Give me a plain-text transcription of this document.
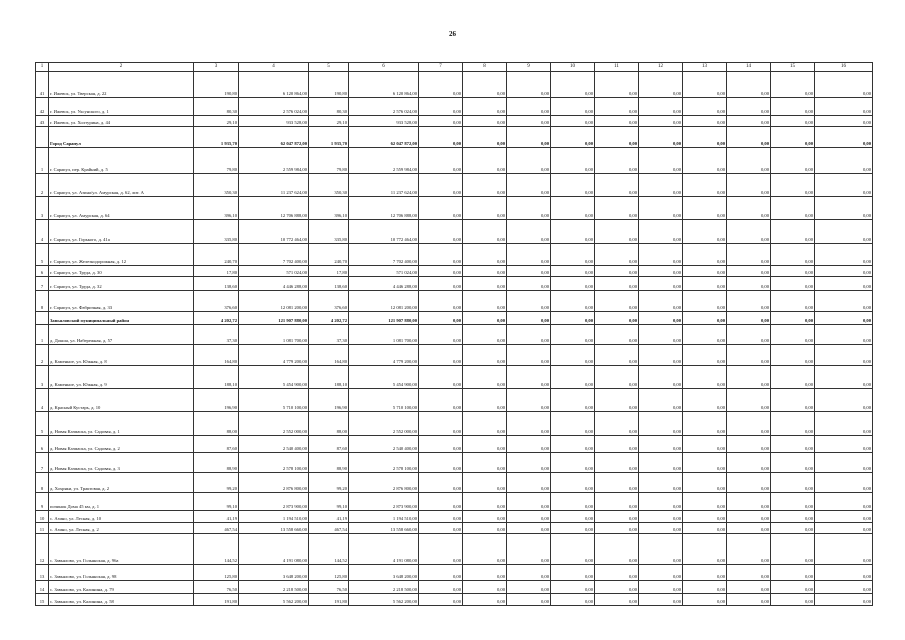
26
1	2	3	4	5	6	7	8	9	10	11	12	13	14	15	16
41	г. Ижевск, ул. Тверская, д. 22	190,80	6 120 864,00	190,80	6 120 864,00	0,00	0,00	0,00	0,00	0,00	0,00	0,00	0,00	0,00	0,00
42	г. Ижевск, ул. Уксунского, д. 1	80,30	2 576 024,00	80,30	2 576 024,00	0,00	0,00	0,00	0,00	0,00	0,00	0,00	0,00	0,00	0,00
43	г. Ижевск, ул. Холтурина, д. 44	29,10	933 528,00	29,10	933 528,00	0,00	0,00	0,00	0,00	0,00	0,00	0,00	0,00	0,00	0,00
	Город Сарапул	1 935,70	62 047 872,00	1 935,70	62 047 872,00	0,00	0,00	0,00	0,00	0,00	0,00	0,00	0,00	0,00	0,00
1	г. Сарапул, пер. Крайний, д. 5	79,80	2 559 984,00	79,80	2 559 984,00	0,00	0,00	0,00	0,00	0,00	0,00	0,00	0,00	0,00	0,00
2	г. Сарапул, ул. Азина/ул. Амурская, д. 62, лит. А	350,30	11 237 624,00	350,30	11 237 624,00	0,00	0,00	0,00	0,00	0,00	0,00	0,00	0,00	0,00	0,00
3	г. Сарапул, ул. Амурская, д. 64	396,10	12 706 888,00	396,10	12 706 888,00	0,00	0,00	0,00	0,00	0,00	0,00	0,00	0,00	0,00	0,00
4	г. Сарапул, ул. Горького, д. 41а	335,80	10 772 464,00	335,80	10 772 464,00	0,00	0,00	0,00	0,00	0,00	0,00	0,00	0,00	0,00	0,00
5	г. Сарапул, ул. Железнодорожная, д. 12	240,70	7 702 400,00	240,70	7 702 400,00	0,00	0,00	0,00	0,00	0,00	0,00	0,00	0,00	0,00	0,00
6	г. Сарапул, ул. Труда, д. 30	17,80	571 024,00	17,80	571 024,00	0,00	0,00	0,00	0,00	0,00	0,00	0,00	0,00	0,00	0,00
7	г. Сарапул, ул. Труда, д. 32	138,60	4 446 288,00	138,60	4 446 288,00	0,00	0,00	0,00	0,00	0,00	0,00	0,00	0,00	0,00	0,00
8	г. Сарапул, ул. Фабричная, д. 33	376,60	12 081 200,00	376,60	12 081 200,00	0,00	0,00	0,00	0,00	0,00	0,00	0,00	0,00	0,00	0,00
	Завьяловский муниципальный район	4 202,72	121 907 880,00	4 202,72	121 907 880,00	0,00	0,00	0,00	0,00	0,00	0,00	0,00	0,00	0,00	0,00
1	д. Докша, ул. Набережная, д. 57	37,30	1 081 700,00	37,30	1 081 700,00	0,00	0,00	0,00	0,00	0,00	0,00	0,00	0,00	0,00	0,00
2	д. Каменное, ул. Южная, д. 8	164,80	4 779 200,00	164,80	4 779 200,00	0,00	0,00	0,00	0,00	0,00	0,00	0,00	0,00	0,00	0,00
3	д. Каменное, ул. Южная, д. 9	188,10	5 454 900,00	188,10	5 454 900,00	0,00	0,00	0,00	0,00	0,00	0,00	0,00	0,00	0,00	0,00
4	д. Красный Кустарь, д. 10	196,90	5 710 100,00	196,90	5 710 100,00	0,00	0,00	0,00	0,00	0,00	0,00	0,00	0,00	0,00	0,00
5	д. Новая Казмаска, ул. Садовая, д. 1	88,00	2 552 000,00	88,00	2 552 000,00	0,00	0,00	0,00	0,00	0,00	0,00	0,00	0,00	0,00	0,00
6	д. Новая Казмаска, ул. Садовая, д. 2	87,60	2 540 400,00	87,60	2 540 400,00	0,00	0,00	0,00	0,00	0,00	0,00	0,00	0,00	0,00	0,00
7	д. Новая Казмаска, ул. Садовая, д. 3	88,90	2 578 100,00	88,90	2 578 100,00	0,00	0,00	0,00	0,00	0,00	0,00	0,00	0,00	0,00	0,00
8	д. Хохряки, ул. Трактовая, д. 2	99,20	2 876 800,00	99,20	2 876 800,00	0,00	0,00	0,00	0,00	0,00	0,00	0,00	0,00	0,00	0,00
9	починок Дома 45 км, д. 1	99,10	2 873 900,00	99,10	2 873 900,00	0,00	0,00	0,00	0,00	0,00	0,00	0,00	0,00	0,00	0,00
10	с. Азино, ул. Лесная, д. 10	41,19	1 194 510,00	41,19	1 194 510,00	0,00	0,00	0,00	0,00	0,00	0,00	0,00	0,00	0,00	0,00
11	с. Азино, ул. Лесная, д. 2	467,54	13 558 660,00	467,54	13 558 660,00	0,00	0,00	0,00	0,00	0,00	0,00	0,00	0,00	0,00	0,00
12	с. Завьялово, ул. Гольянская, д. 96а	144,52	4 191 080,00	144,52	4 191 080,00	0,00	0,00	0,00	0,00	0,00	0,00	0,00	0,00	0,00	0,00
13	с. Завьялово, ул. Гольянская, д. 98	125,80	3 648 200,00	125,80	3 648 200,00	0,00	0,00	0,00	0,00	0,00	0,00	0,00	0,00	0,00	0,00
14	с. Завьялово, ул. Калинина, д. 79	76,50	2 218 500,00	76,50	2 218 500,00	0,00	0,00	0,00	0,00	0,00	0,00	0,00	0,00	0,00	0,00
15	с. Завьялово, ул. Калинина, д. 58	191,80	5 562 200,00	191,80	5 562 200,00	0,00	0,00	0,00	0,00	0,00	0,00	0,00	0,00	0,00	0,00
